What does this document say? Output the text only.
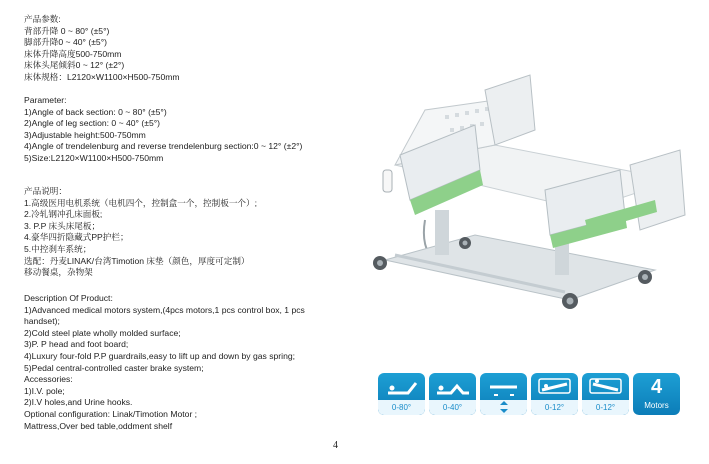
产品参数:
背部升降 0 ~ 80° (±5°)
脚部升降0 ~ 40° (±5°)
床体升降高度500-750mm
床体头尾倾斜0 ~ 12° (±2°)
床体规格：L2120×W1100×H500-750mm
Parameter:
1)Angle of back section: 0 ~ 80° (±5°)
2)Angle of leg section: 0 ~ 40° (±5°)
3)Adjustable height:500-750mm
4)Angle of trendelenburg and reverse trendelenburg section:0 ~ 12° (±2°)
5)Size:L2120×W1100×H500-750mm
产品说明：
1.高级医用电机系统（电机四个，控制盒一个，控制板一个）;
2.冷轧钢冲孔床面板;
3. P.P 床头床尾板；
4.豪华四折隐藏式PP护栏；
5.中控刹车系统；
选配：丹麦LINAK/台湾Timotion 床垫（颜色，厚度可定制）
移动餐桌，杂物架
Description Of Product:
1)Advanced medical motors system,(4pcs motors,1 pcs control box, 1 pcs
handset);
2)Cold steel plate wholly molded surface;
3)P. P head and foot board;
4)Luxury four-fold P.P guardrails,easy to lift up and down by gas spring;
5)Pedal central-controlled caster brake system;
Accessories:
1)I.V. pole;
2)I.V holes,and Urine hooks.
Optional configuration: Linak/Timotion Motor ;
Mattress,Over bed table,oddment shelf
4
0-80°	0-40°	0-12°	0-12°
4
Motors
